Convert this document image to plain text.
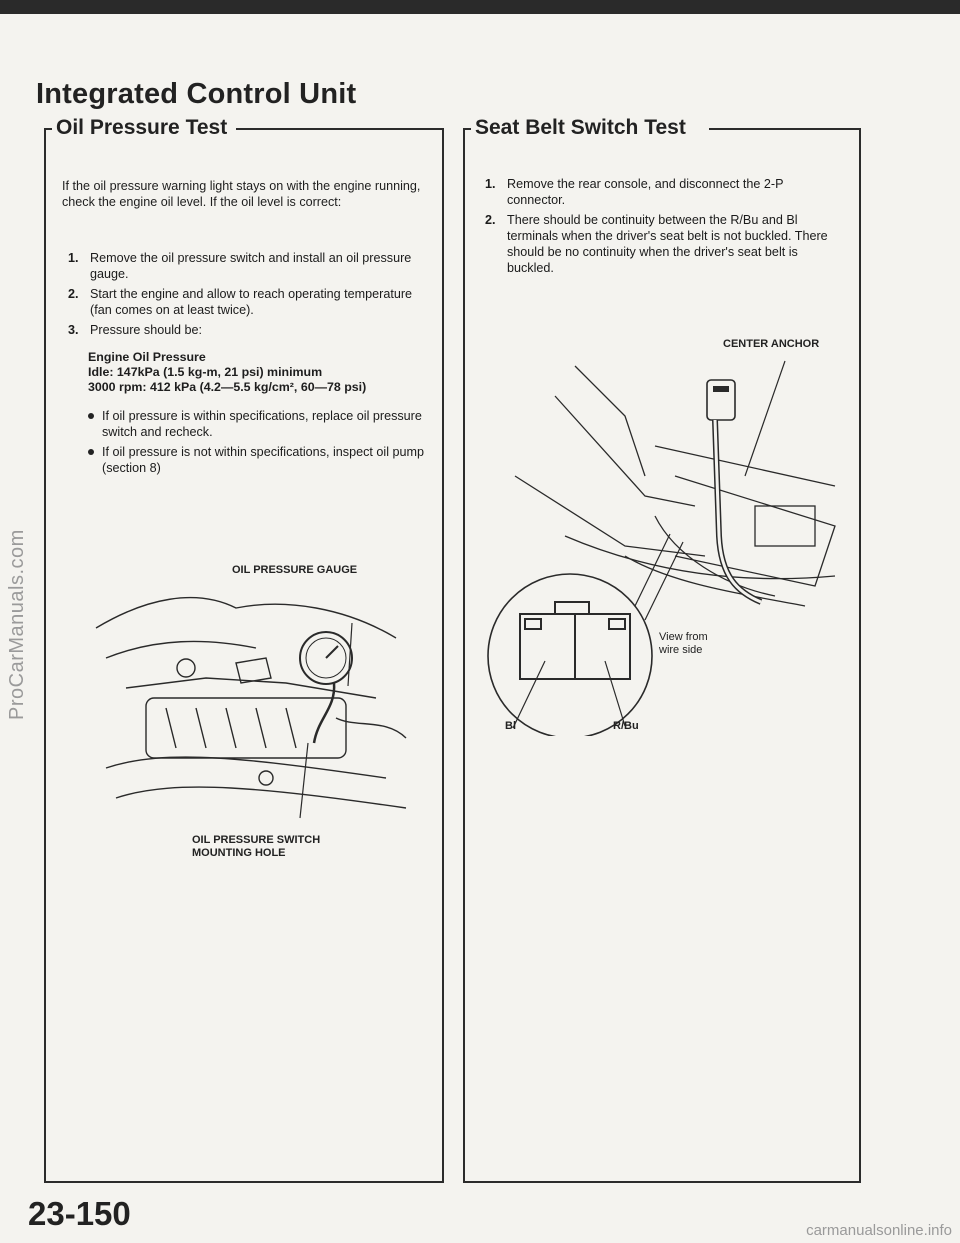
Integrated Control Unit
Oil Pressure Test
If the oil pressure warning light stays on with the engine running, check the engine oil level. If the oil level is correct:
1. Remove the oil pressure switch and install an oil pressure gauge.
2. Start the engine and allow to reach operating temperature (fan comes on at least twice).
3. Pressure should be:
Engine Oil Pressure
Idle: 147kPa (1.5 kg-m, 21 psi) minimum
3000 rpm: 412 kPa (4.2—5.5 kg/cm², 60—78 psi)
If oil pressure is within specifications, replace oil pressure switch and recheck.
If oil pressure is not within specifications, inspect oil pump (section 8)
OIL PRESSURE GAUGE
OIL PRESSURE SWITCH
MOUNTING HOLE
Seat Belt Switch Test
1. Remove the rear console, and disconnect the 2-P connector.
2. There should be continuity between the R/Bu and Bl terminals when the driver's seat belt is not buckled. There should be no continuity when the driver's seat belt is buckled.
CENTER ANCHOR
View from
wire side
Bl	R/Bu
23-150
ProCarManuals.com
carmanualsonline.info
